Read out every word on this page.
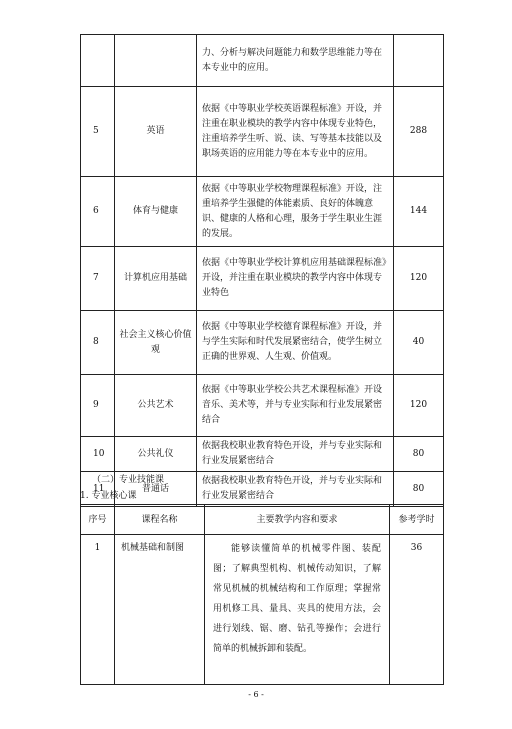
		力、分析与解决问题能力和数学思维能力等在本专业中的应用。	
5	英语	依据《中等职业学校英语课程标准》开设，并注重在职业模块的教学内容中体现专业特色，注重培养学生听、说、读、写等基本技能以及职场英语的应用能力等在本专业中的应用。	288
6	体育与健康	依据《中等职业学校物理课程标准》开设，注重培养学生强健的体能素质、良好的体魄意识、健康的人格和心理，服务于学生职业生涯的发展。	144
7	计算机应用基础	依据《中等职业学校计算机应用基础课程标准》开设，并注重在职业模块的教学内容中体现专业特色	120
8	社会主义核心价值观	依据《中等职业学校德育课程标准》开设，并与学生实际和时代发展紧密结合，使学生树立正确的世界观、人生观、价值观。	40
9	公共艺术	依据《中等职业学校公共艺术课程标准》开设音乐、美术等，并与专业实际和行业发展紧密结合	120
10	公共礼仪	依据我校职业教育特色开设，并与专业实际和行业发展紧密结合	80
11	普通话	依据我校职业教育特色开设，并与专业实际和行业发展紧密结合	80
（二）专业技能课
1. 专业核心课
序号	课程名称	主要教学内容和要求	参考学时
1	机械基础和制图	能够读懂简单的机械零件图、装配图；了解典型机构、机械传动知识，了解常见机械的机械结构和工作原理；掌握常用机修工具、量具、夹具的使用方法，会进行划线、锯、磨、钻孔等操作；会进行简单的机械拆卸和装配。	36
- 6 -
